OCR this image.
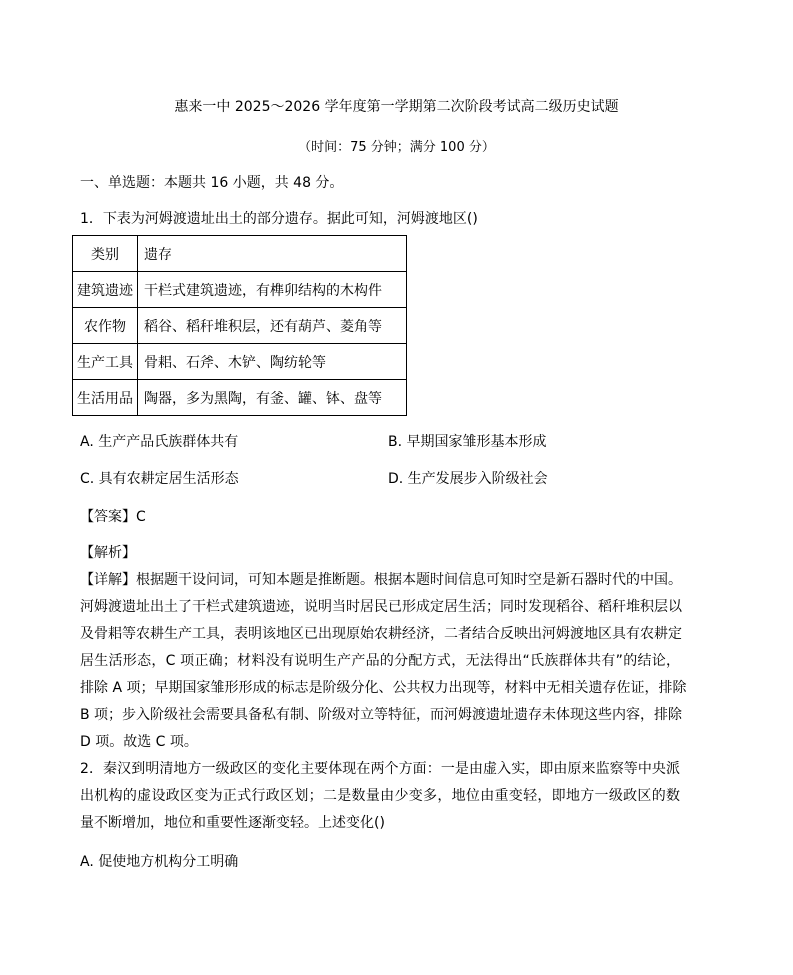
惠来一中 2025～2026 学年度第一学期第二次阶段考试高二级历史试题
（时间：75 分钟；满分 100 分）
一、单选题：本题共 16 小题，共 48 分。
1．下表为河姆渡遗址出土的部分遗存。据此可知，河姆渡地区()
类别	遗存
建筑遗迹	干栏式建筑遗迹，有榫卯结构的木构件
农作物	稻谷、稻秆堆积层，还有葫芦、菱角等
生产工具	骨耜、石斧、木铲、陶纺轮等
生活用品	陶器，多为黑陶，有釜、罐、钵、盘等
A. 生产产品氏族群体共有	B. 早期国家雏形基本形成
C. 具有农耕定居生活形态	D. 生产发展步入阶级社会
【答案】C
【解析】
【详解】根据题干设问词，可知本题是推断题。根据本题时间信息可知时空是新石器时代的中国。
河姆渡遗址出土了干栏式建筑遗迹，说明当时居民已形成定居生活；同时发现稻谷、稻秆堆积层以
及骨耜等农耕生产工具，表明该地区已出现原始农耕经济，二者结合反映出河姆渡地区具有农耕定
居生活形态，C 项正确；材料没有说明生产产品的分配方式，无法得出“氏族群体共有”的结论，
排除 A 项；早期国家雏形形成的标志是阶级分化、公共权力出现等，材料中无相关遗存佐证，排除
B 项；步入阶级社会需要具备私有制、阶级对立等特征，而河姆渡遗址遗存未体现这些内容，排除
D 项。故选 C 项。
2．秦汉到明清地方一级政区的变化主要体现在两个方面：一是由虚入实，即由原来监察等中央派
出机构的虚设政区变为正式行政区划；二是数量由少变多，地位由重变轻，即地方一级政区的数
量不断增加，地位和重要性逐渐变轻。上述变化()
A. 促使地方机构分工明确
